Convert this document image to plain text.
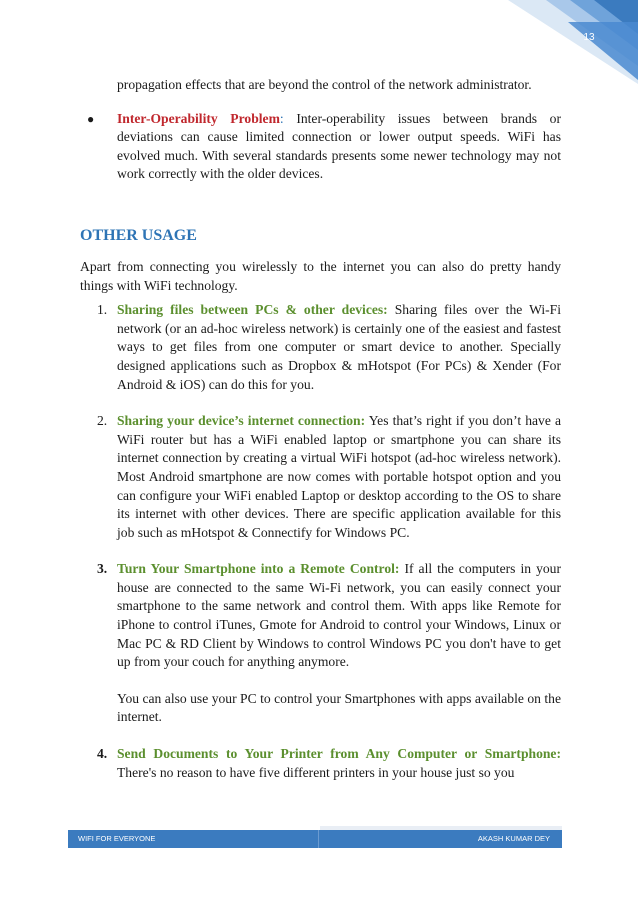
13
propagation effects that are beyond the control of the network administrator.
● Inter-Operability Problem: Inter-operability issues between brands or deviations can cause limited connection or lower output speeds. WiFi has evolved much. With several standards presents some newer technology may not work correctly with the older devices.
OTHER USAGE
Apart from connecting you wirelessly to the internet you can also do pretty handy things with WiFi technology.
1. Sharing files between PCs & other devices: Sharing files over the Wi-Fi network (or an ad-hoc wireless network) is certainly one of the easiest and fastest ways to get files from one computer or smart device to another. Specially designed applications such as Dropbox & mHotspot (For PCs) & Xender (For Android & iOS) can do this for you.
2. Sharing your device’s internet connection: Yes that’s right if you don’t have a WiFi router but has a WiFi enabled laptop or smartphone you can share its internet connection by creating a virtual WiFi hotspot (ad-hoc wireless network). Most Android smartphone are now comes with portable hotspot option and you can configure your WiFi enabled Laptop or desktop according to the OS to share its internet with other devices. There are specific application available for this job such as mHotspot & Connectify for Windows PC.
3. Turn Your Smartphone into a Remote Control: If all the computers in your house are connected to the same Wi-Fi network, you can easily connect your smartphone to the same network and control them. With apps like Remote for iPhone to control iTunes, Gmote for Android to control your Windows, Linux or Mac PC & RD Client by Windows to control Windows PC you don't have to get up from your couch for anything anymore.
You can also use your PC to control your Smartphones with apps available on the internet.
4. Send Documents to Your Printer from Any Computer or Smartphone: There's no reason to have five different printers in your house just so you
WIFI FOR EVERYONE	AKASH KUMAR DEY
